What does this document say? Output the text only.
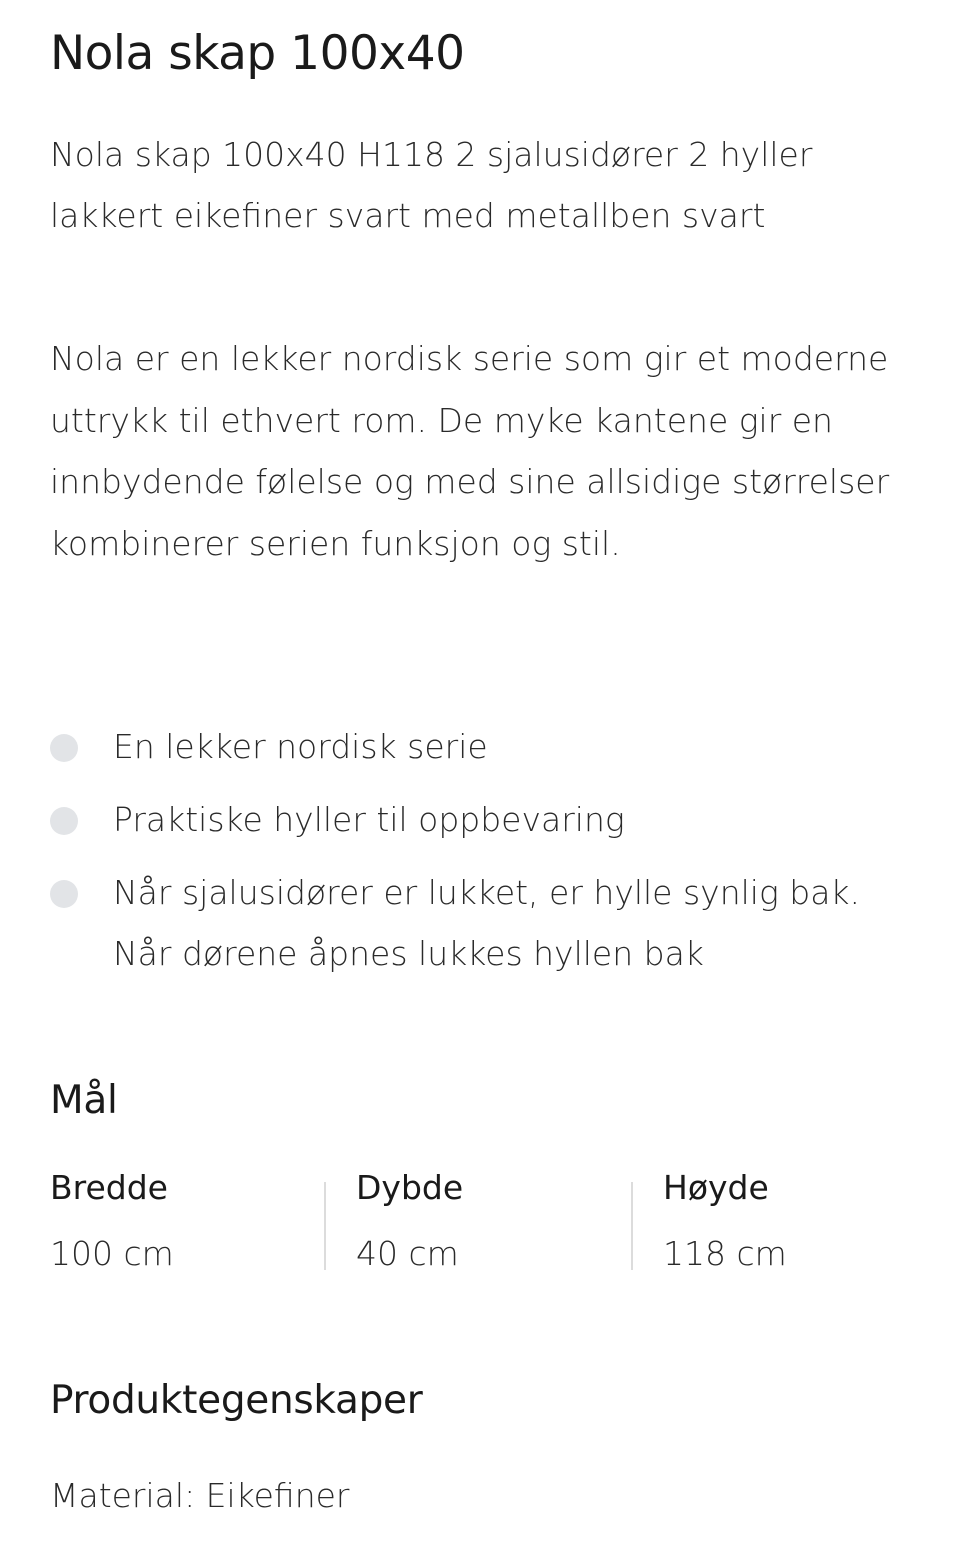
Nola skap 100x40

Nola skap 100x40 H118 2 sjalusidører 2 hyller lakkert eikefiner svart med metallben svart

Nola er en lekker nordisk serie som gir et moderne uttrykk til ethvert rom. De myke kantene gir en innbydende følelse og med sine allsidige størrelser kombinerer serien funksjon og stil.

En lekker nordisk serie
Praktiske hyller til oppbevaring
Når sjalusidører er lukket, er hylle synlig bak. Når dørene åpnes lukkes hyllen bak
Mål
Bredde
100 cm
Dybde
40 cm
Høyde
118 cm
Produktegenskaper

Material: Eikefiner
